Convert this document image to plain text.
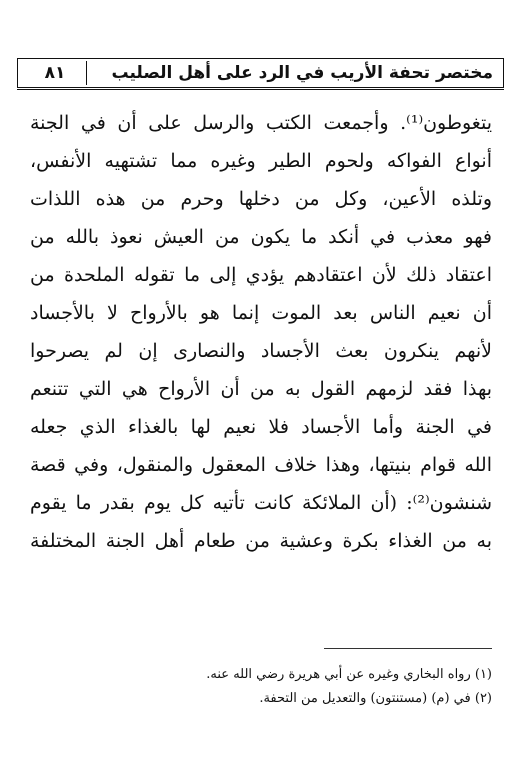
مختصر تحفة الأريب في الرد على أهل الصليب
٨١
يتغوطون⁽¹⁾. وأجمعت الكتب والرسل على أن في الجنة
أنواع الفواكه ولحوم الطير وغيره مما تشتهيه الأنفس،
وتلذه الأعين، وكل من دخلها وحرم من هذه اللذات
فهو معذب في أنكد ما يكون من العيش نعوذ بالله من
اعتقاد ذلك لأن اعتقادهم يؤدي إلى ما تقوله الملحدة من
أن نعيم الناس بعد الموت إنما هو بالأرواح لا بالأجساد
لأنهم ينكرون بعث الأجساد والنصارى إن لم يصرحوا
بهذا فقد لزمهم القول به من أن الأرواح هي التي تتنعم
في الجنة وأما الأجساد فلا نعيم لها بالغذاء الذي جعله
الله قوام بنيتها، وهذا خلاف المعقول والمنقول، وفي قصة
شنشون⁽²⁾: (أن الملائكة كانت تأتيه كل يوم بقدر ما يقوم
به من الغذاء بكرة وعشية من طعام أهل الجنة المختلفة
(١) رواه البخاري وغيره عن أبي هريرة رضي الله عنه.
(٢) في (م) (مستنتون) والتعديل من التحفة.
